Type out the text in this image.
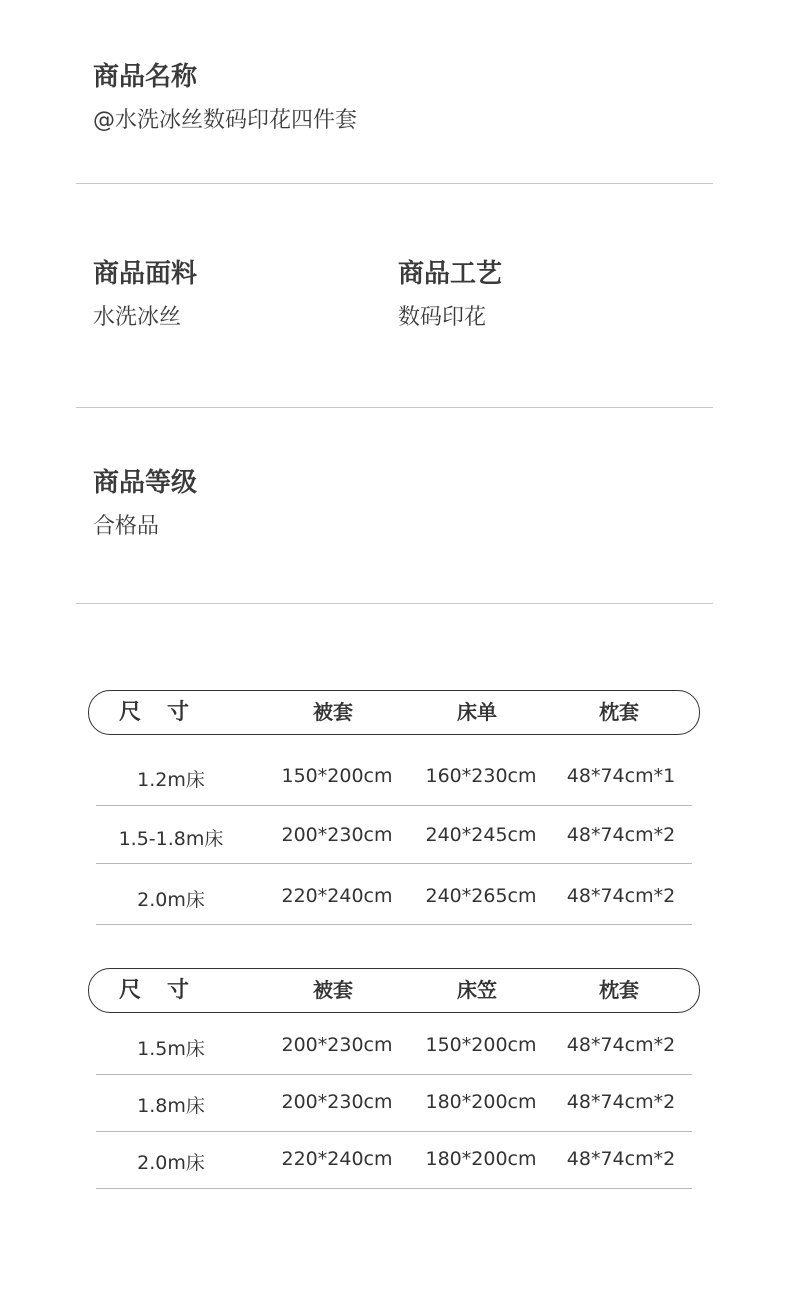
商品名称
@水洗冰丝数码印花四件套
商品面料
水洗冰丝
商品工艺
数码印花
商品等级
合格品
尺　寸	被套	床单	枕套
1.2m床	150*200cm	160*230cm	48*74cm*1
1.5-1.8m床	200*230cm	240*245cm	48*74cm*2
2.0m床	220*240cm	240*265cm	48*74cm*2
尺　寸	被套	床笠	枕套
1.5m床	200*230cm	150*200cm	48*74cm*2
1.8m床	200*230cm	180*200cm	48*74cm*2
2.0m床	220*240cm	180*200cm	48*74cm*2
